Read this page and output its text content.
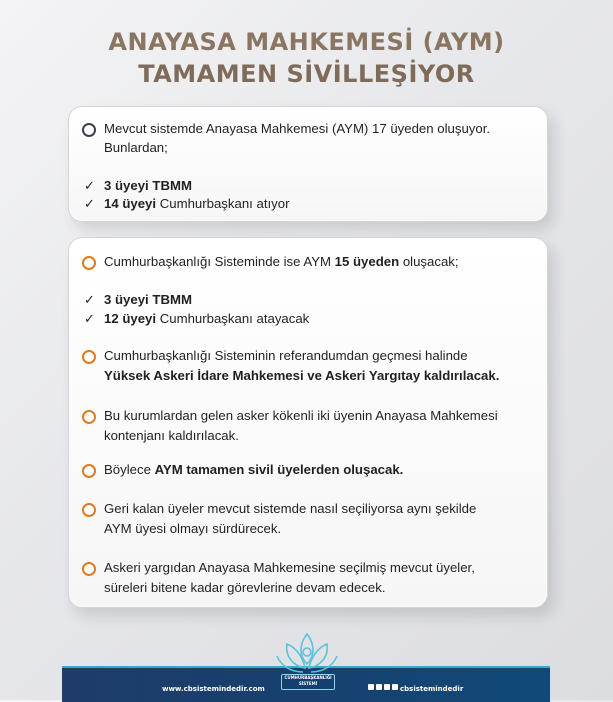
ANAYASA MAHKEMESİ (AYM)
TAMAMEN SİVİLLEŞİYOR
Mevcut sistemde Anayasa Mahkemesi (AYM) 17 üyeden oluşuyor.
Bunlardan;
✓ 3 üyeyi TBMM
✓ 14 üyeyi Cumhurbaşkanı atıyor
Cumhurbaşkanlığı Sisteminde ise AYM 15 üyeden oluşacak;
✓ 3 üyeyi TBMM
✓ 12 üyeyi Cumhurbaşkanı atayacak
Cumhurbaşkanlığı Sisteminin referandumdan geçmesi halinde
Yüksek Askeri İdare Mahkemesi ve Askeri Yargıtay kaldırılacak.
Bu kurumlardan gelen asker kökenli iki üyenin Anayasa Mahkemesi
kontenjanı kaldırılacak.
Böylece AYM tamamen sivil üyelerden oluşacak.
Geri kalan üyeler mevcut sistemde nasıl seçiliyorsa aynı şekilde
AYM üyesi olmayı sürdürecek.
Askeri yargıdan Anayasa Mahkemesine seçilmiş mevcut üyeler,
süreleri bitene kadar görevlerine devam edecek.
www.cbsistemindedir.com	cbsistemindedir
CUMHURBAŞKANLIĞI SİSTEMİ
